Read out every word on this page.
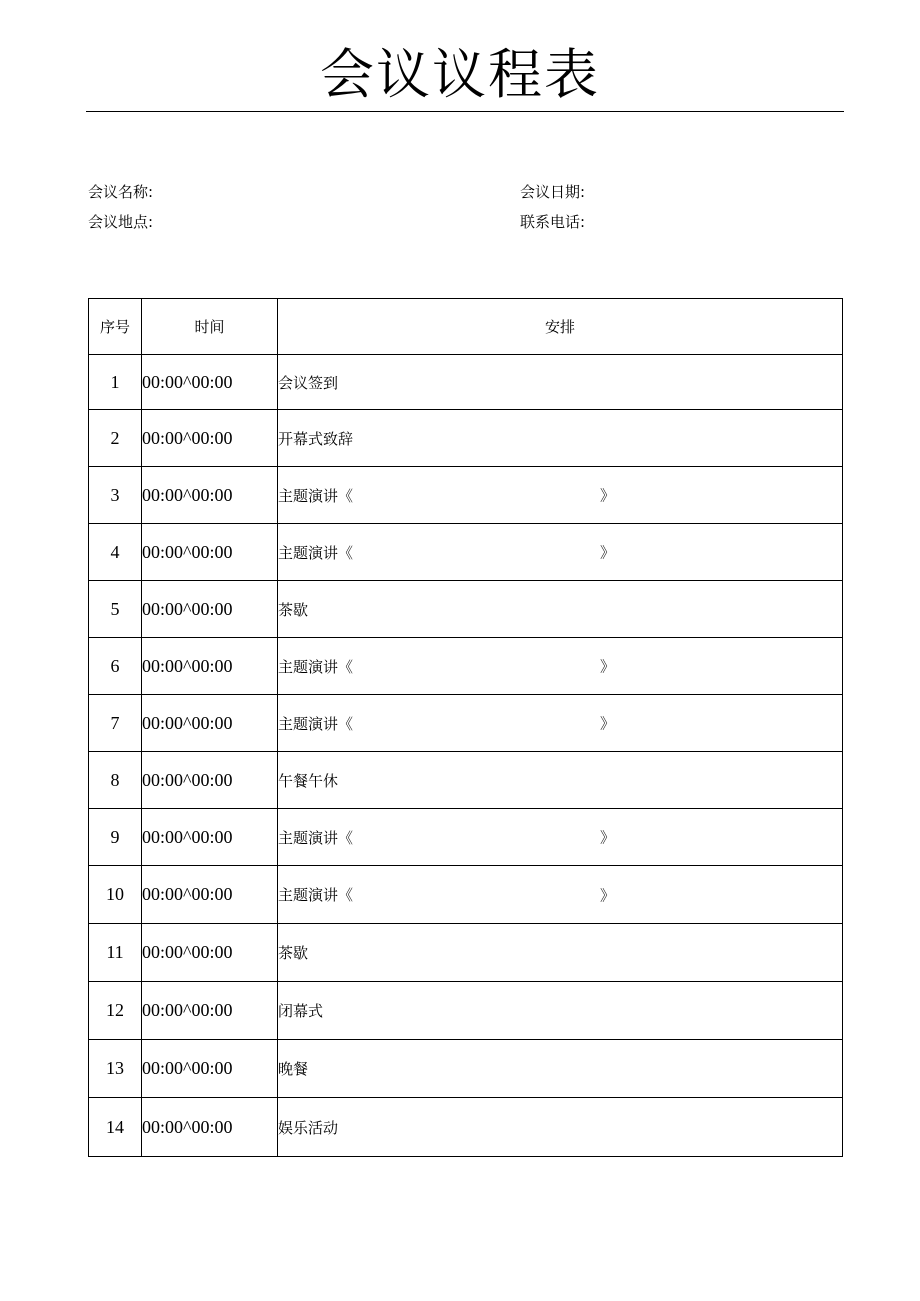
会议议程表
会议名称:	会议日期:
会议地点:	联系电话:
序号	时间	安排
1	00:00^00:00	会议签到
2	00:00^00:00	开幕式致辞
3	00:00^00:00	主题演讲《 》

4	00:00^00:00	主题演讲《 》

5	00:00^00:00	茶歇
6	00:00^00:00	主题演讲《 》

7	00:00^00:00	主题演讲《 》

8	00:00^00:00	午餐午休
9	00:00^00:00	主题演讲《 》

10	00:00^00:00	主题演讲《 》

11	00:00^00:00	茶歇
12	00:00^00:00	闭幕式
13	00:00^00:00	晚餐
14	00:00^00:00	娱乐活动
